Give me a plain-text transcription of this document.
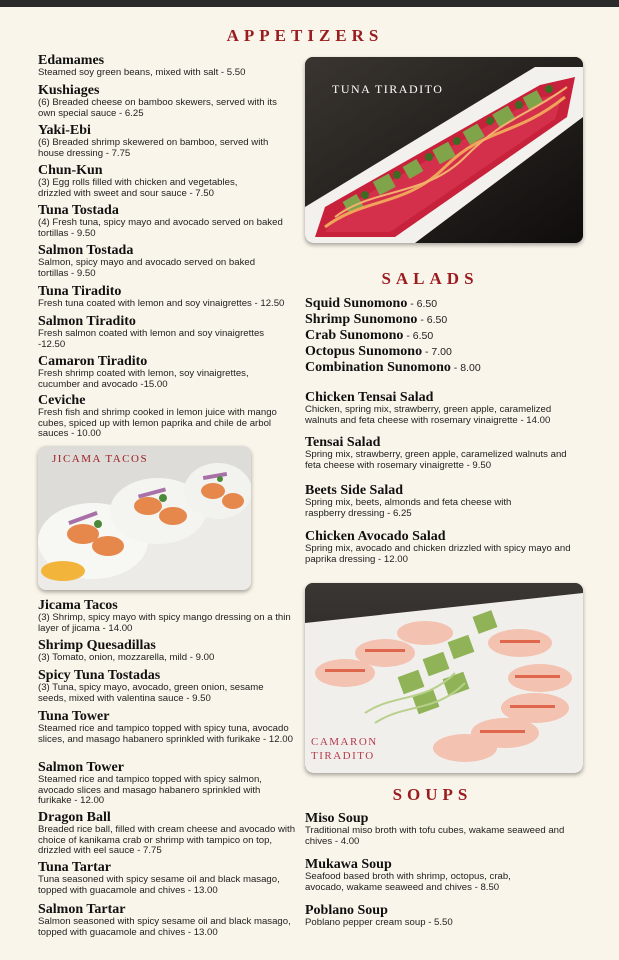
APPETIZERS
SALADS
SOUPS
Edamames
Steamed soy green beans, mixed with salt - 5.50
Kushiages
(6) Breaded cheese on bamboo skewers, served with its own special sauce - 6.25
Yaki-Ebi
(6) Breaded shrimp skewered on bamboo, served with house dressing - 7.75
Chun-Kun
(3) Egg rolls filled with chicken and vegetables, drizzled with sweet and sour sauce - 7.50
Tuna Tostada
(4) Fresh tuna, spicy mayo and avocado served on baked tortillas - 9.50
Salmon Tostada
Salmon, spicy mayo and avocado served on baked tortillas - 9.50
Tuna Tiradito
Fresh tuna coated with lemon and soy vinaigrettes - 12.50
Salmon Tiradito
Fresh salmon coated with lemon and soy vinaigrettes -12.50
Camaron Tiradito
Fresh shrimp coated with lemon, soy vinaigrettes, cucumber and avocado -15.00
Ceviche
Fresh fish and shrimp cooked in lemon juice with mango cubes, spiced up with lemon paprika and chile de arbol sauces - 10.00
Jicama Tacos
(3) Shrimp, spicy mayo with spicy mango dressing on a thin layer of jicama - 14.00
Shrimp Quesadillas
(3) Tomato, onion, mozzarella, mild - 9.00
Spicy Tuna Tostadas
(3) Tuna, spicy mayo, avocado, green onion, sesame seeds, mixed with valentina sauce - 9.50
Tuna Tower
Steamed rice and tampico topped with spicy tuna, avocado slices, and masago habanero sprinkled with furikake - 12.00
Salmon Tower
Steamed rice and tampico topped with spicy salmon, avocado slices and masago habanero sprinkled with furikake - 12.00
Dragon Ball
Breaded rice ball, filled with cream cheese and avocado with choice of kanikama crab or shrimp with tampico on top, drizzled with eel sauce - 7.75
Tuna Tartar
Tuna seasoned with spicy sesame oil and black masago, topped with guacamole and chives - 13.00
Salmon Tartar
Salmon seasoned with spicy sesame oil and black masago, topped with guacamole and chives - 13.00
TUNA TIRADITO
JICAMA TACOS
CAMARON TIRADITO
Squid Sunomono - 6.50
Shrimp Sunomono - 6.50
Crab Sunomono - 6.50
Octopus Sunomono - 7.00
Combination Sunomono - 8.00
Chicken Tensai Salad
Chicken, spring mix, strawberry, green apple, caramelized walnuts and feta cheese with rosemary vinaigrette - 14.00
Tensai Salad
Spring mix, strawberry, green apple, caramelized walnuts and feta cheese with rosemary vinaigrette - 9.50
Beets Side Salad
Spring mix, beets, almonds and feta cheese with raspberry dressing - 6.25
Chicken Avocado Salad
Spring mix, avocado and chicken drizzled with spicy mayo and paprika dressing - 12.00
Miso Soup
Traditional miso broth with tofu cubes, wakame seaweed and chives - 4.00
Mukawa Soup
Seafood based broth with shrimp, octopus, crab, avocado, wakame seaweed and chives - 8.50
Poblano Soup
Poblano pepper cream soup - 5.50
